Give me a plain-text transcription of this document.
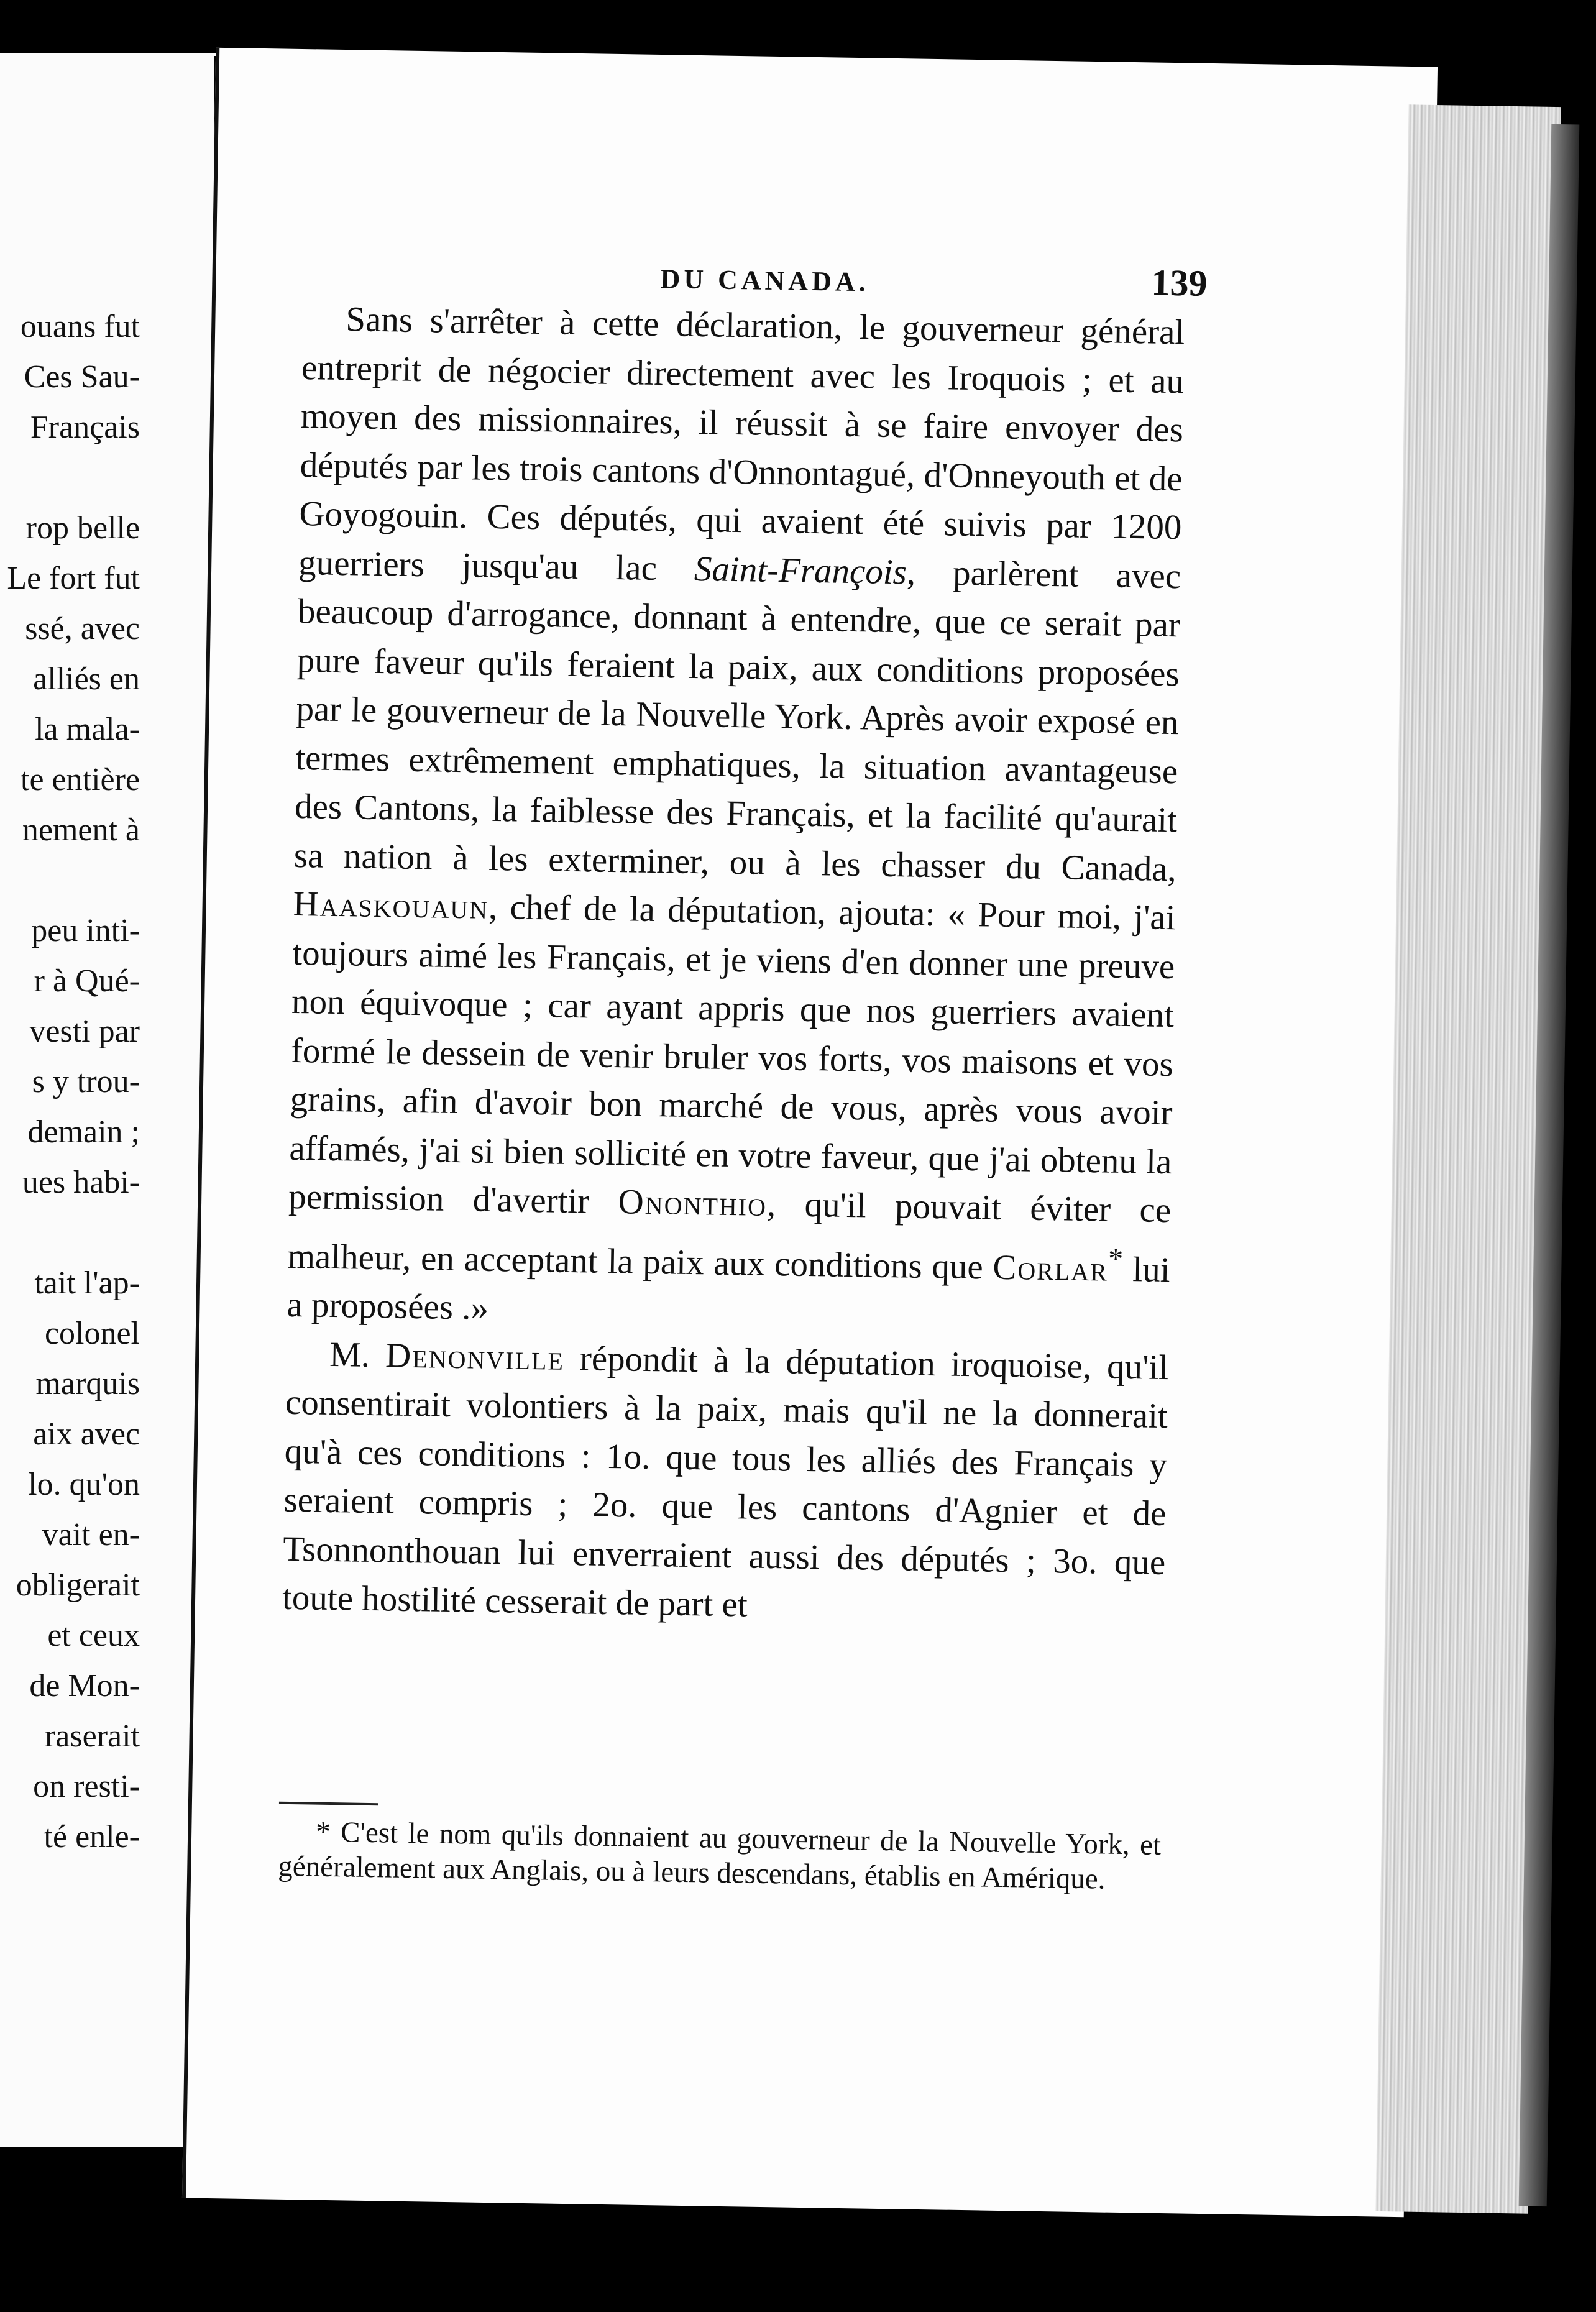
ouans fut
Ces Sau-
Français
rop belle
Le fort fut
ssé, avec
alliés en
la mala-
te entière
nement à
peu inti-
r à Qué-
vesti par
s y trou-
demain ;
ues habi-
tait l'ap-
colonel
marquis
aix avec
lo. qu'on
vait en-
obligerait
et ceux
de Mon-
raserait
on resti-
té enle-
DU CANADA.	139

Sans s'arrêter à cette déclaration, le gouverneur général entreprit de négocier directement avec les Iroquois ; et au moyen des missionnaires, il réussit à se faire envoyer des députés par les trois cantons d'Onnontagué, d'Onneyouth et de Goyogouin. Ces députés, qui avaient été suivis par 1200 guerriers jusqu'au lac Saint-François, parlèrent avec beaucoup d'arrogance, donnant à entendre, que ce serait par pure faveur qu'ils feraient la paix, aux conditions proposées par le gouverneur de la Nouvelle York. Après avoir exposé en termes extrêmement emphatiques, la situation avantageuse des Cantons, la faiblesse des Français, et la facilité qu'aurait sa nation à les exterminer, ou à les chasser du Canada, Haaskouaun, chef de la députation, ajouta: « Pour moi, j'ai toujours aimé les Français, et je viens d'en donner une preuve non équivoque ; car ayant appris que nos guerriers avaient formé le dessein de venir bruler vos forts, vos maisons et vos grains, afin d'avoir bon marché de vous, après vous avoir affamés, j'ai si bien sollicité en votre faveur, que j'ai obtenu la permission d'avertir Ononthio, qu'il pouvait éviter ce malheur, en acceptant la paix aux conditions que Corlar* lui a proposées .»

M. Denonville répondit à la députation iroquoise, qu'il consentirait volontiers à la paix, mais qu'il ne la donnerait qu'à ces conditions : 1o. que tous les alliés des Français y seraient compris ; 2o. que les cantons d'Agnier et de Tsonnonthouan lui enverraient aussi des députés ; 3o. que toute hostilité cesserait de part et

* C'est le nom qu'ils donnaient au gouverneur de la Nouvelle York, et généralement aux Anglais, ou à leurs descendans, établis en Amérique.
